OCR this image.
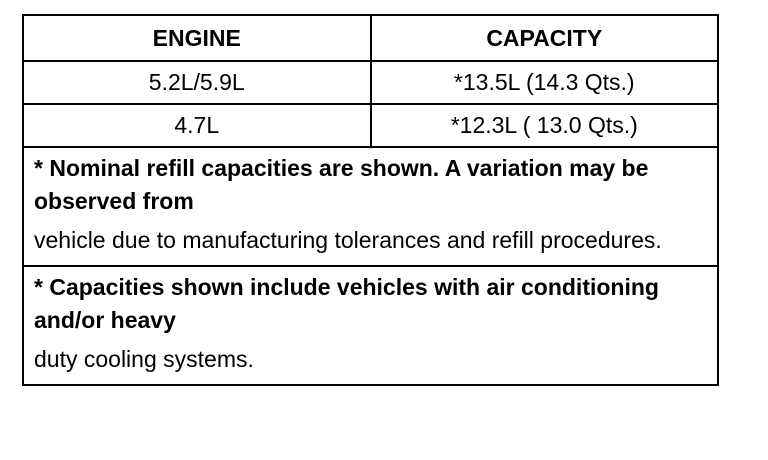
ENGINE	CAPACITY
5.2L/5.9L	*13.5L (14.3 Qts.)
4.7L	*12.3L ( 13.0 Qts.)
* Nominal refill capacities are shown. A variation may be observed from
vehicle due to manufacturing tolerances and refill procedures.
* Capacities shown include vehicles with air conditioning and/or heavy
duty cooling systems.
